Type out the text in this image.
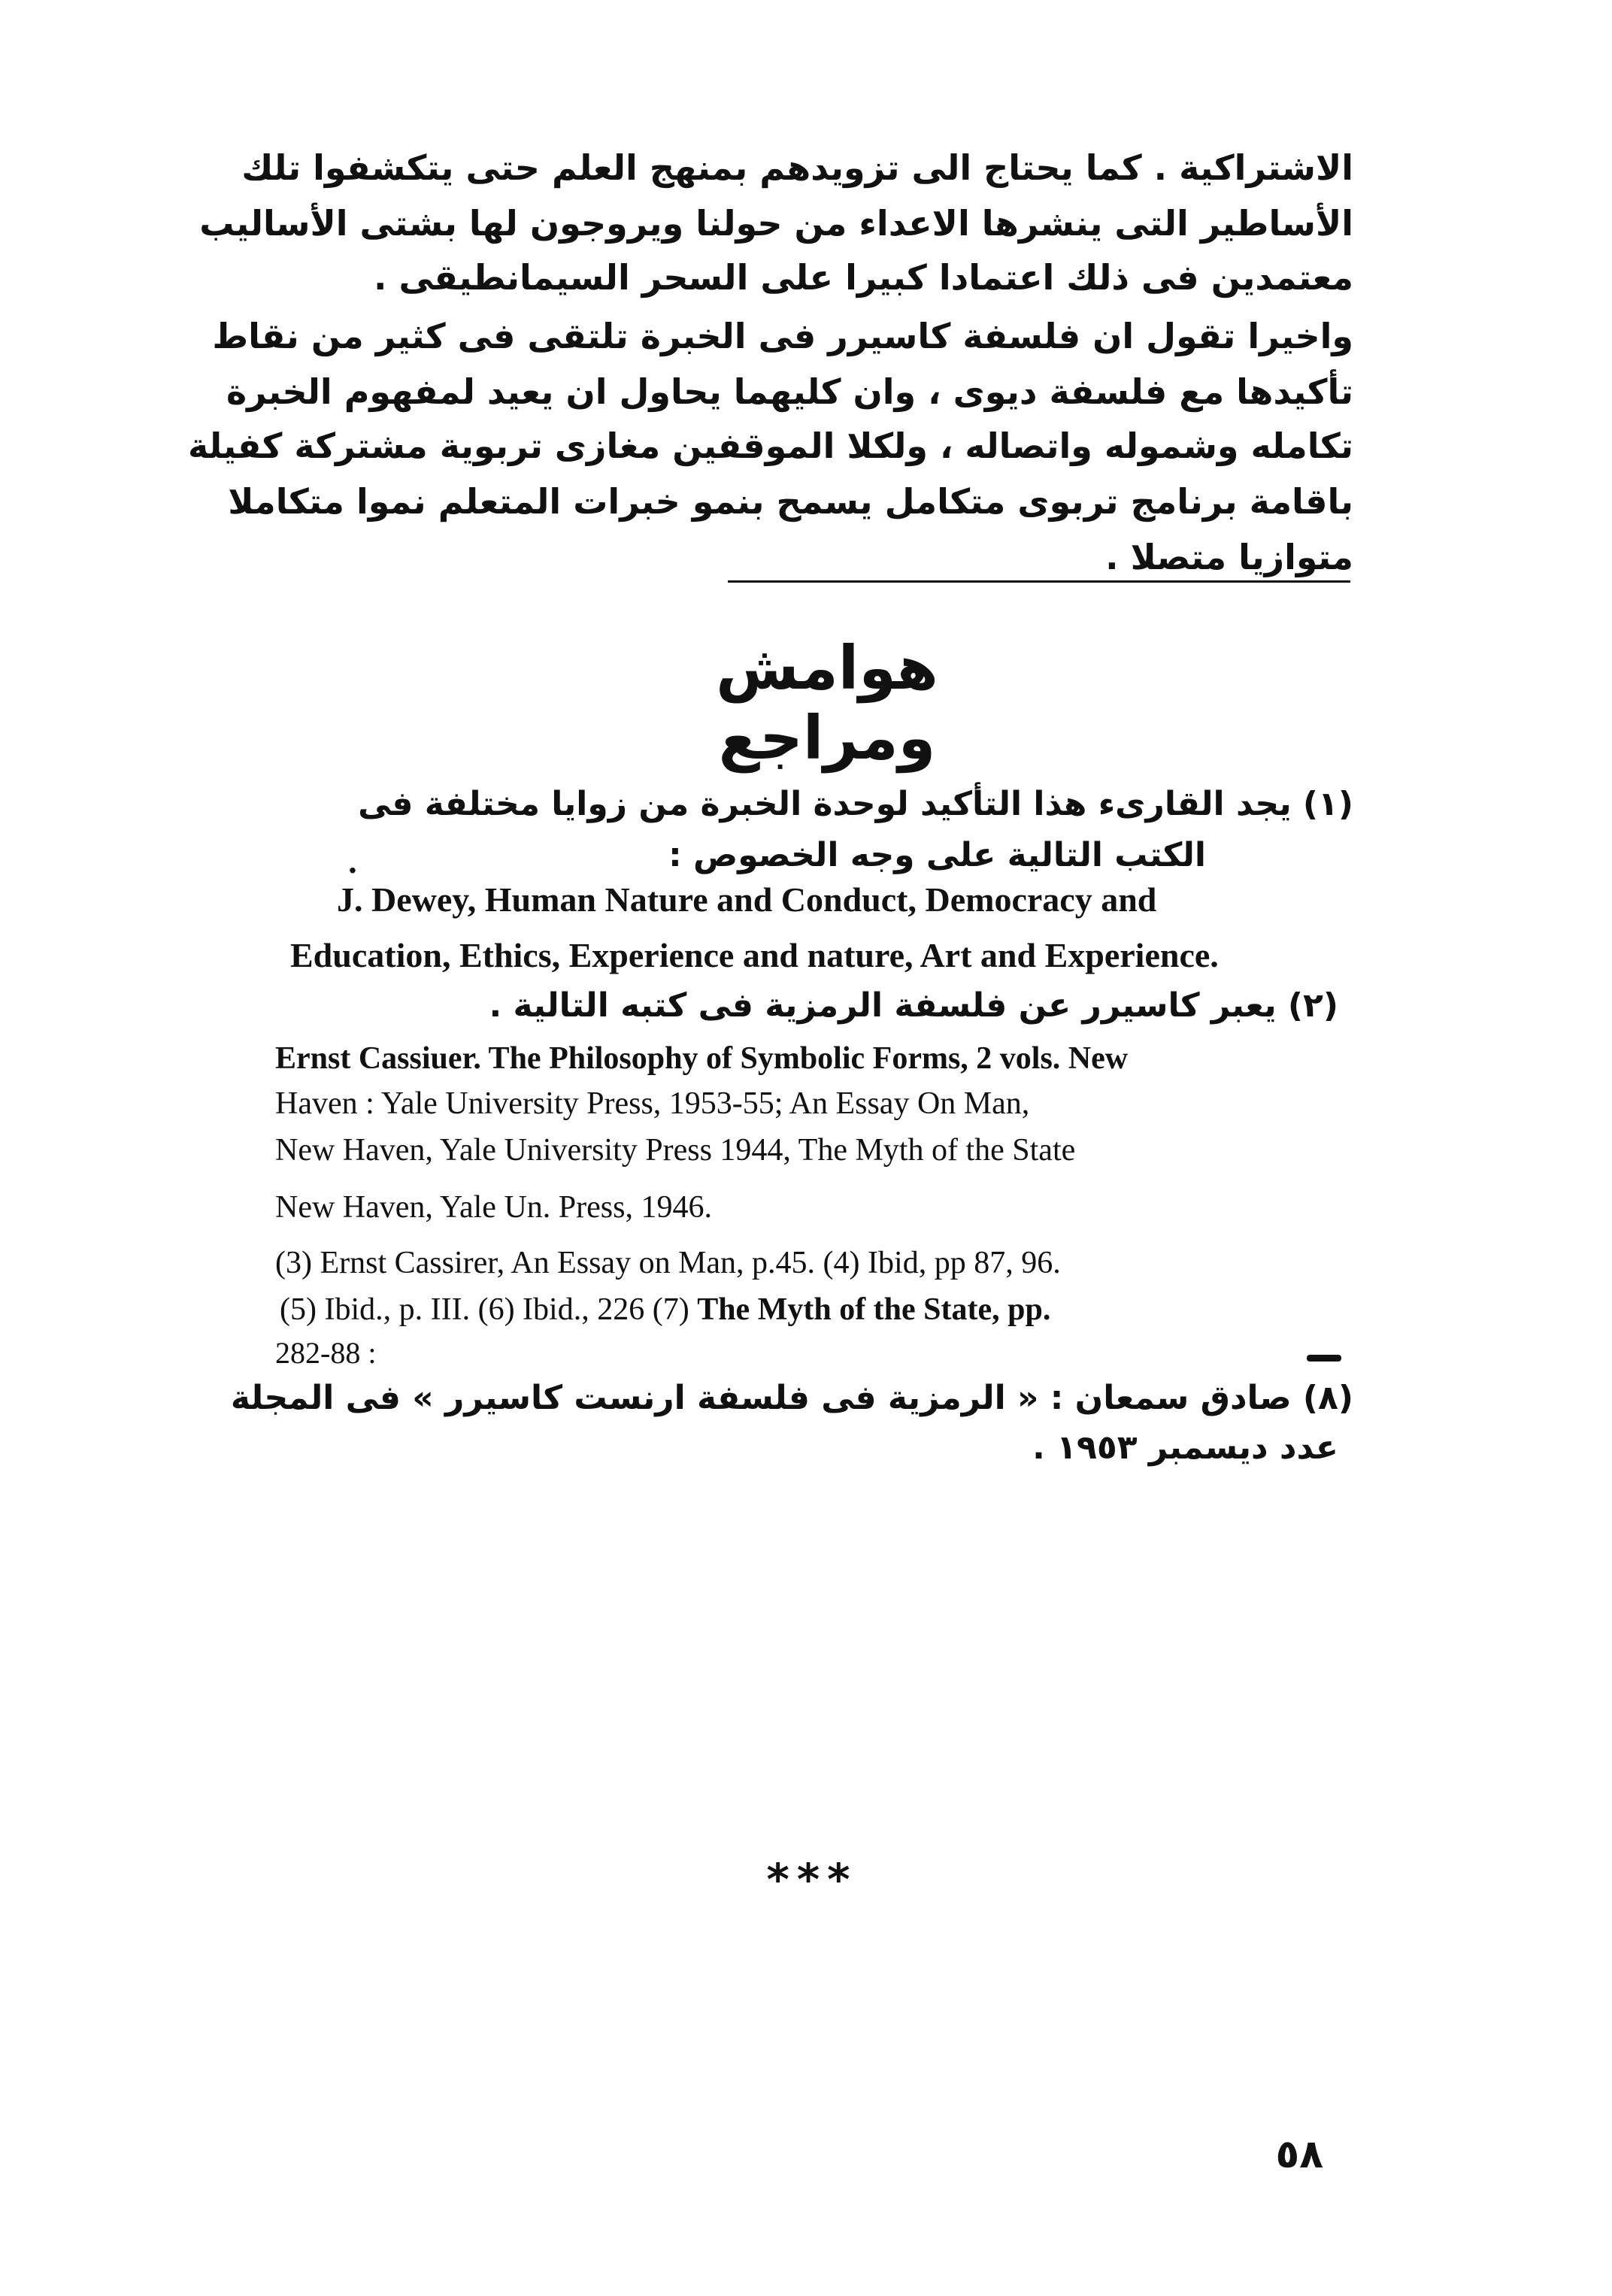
الاشتراكية . كما يحتاج الى تزويدهم بمنهج العلم حتى يتكشفوا تلك
الأساطير التى ينشرها الاعداء من حولنا ويروجون لها بشتى الأساليب
معتمدين فى ذلك اعتمادا كبيرا على السحر السيمانطيقى .
واخيرا تقول ان فلسفة كاسيرر فى الخبرة تلتقى فى كثير من نقاط
تأكيدها مع فلسفة ديوى ، وان كليهما يحاول ان يعيد لمفهوم الخبرة
تكامله وشموله واتصاله ، ولكلا الموقفين مغازى تربوية مشتركة كفيلة
باقامة برنامج تربوى متكامل يسمح بنمو خبرات المتعلم نموا متكاملا
متوازيا متصلا .
هوامش ومراجع
(١) يجد القارىء هذا التأكيد لوحدة الخبرة من زوايا مختلفة فى
الكتب التالية على وجه الخصوص :
.
J. Dewey, Human Nature and Conduct, Democracy and
Education, Ethics, Experience and nature, Art and Experience.
(٢) يعبر كاسيرر عن فلسفة الرمزية فى كتبه التالية .
Ernst Cassiuer. The Philosophy of Symbolic Forms, 2 vols. New
Haven : Yale University Press, 1953-55; An Essay On Man,
New Haven, Yale University Press 1944, The Myth of the State
New Haven, Yale Un. Press, 1946.
(3) Ernst Cassirer, An Essay on Man, p.45. (4) Ibid, pp 87, 96.
(5) Ibid., p. III. (6) Ibid., 226 (7) The Myth of the State, pp.
282-88 :
(٨) صادق سمعان : « الرمزية فى فلسفة ارنست كاسيرر » فى المجلة
عدد ديسمبر ١٩٥٣ .
***
٥٨
